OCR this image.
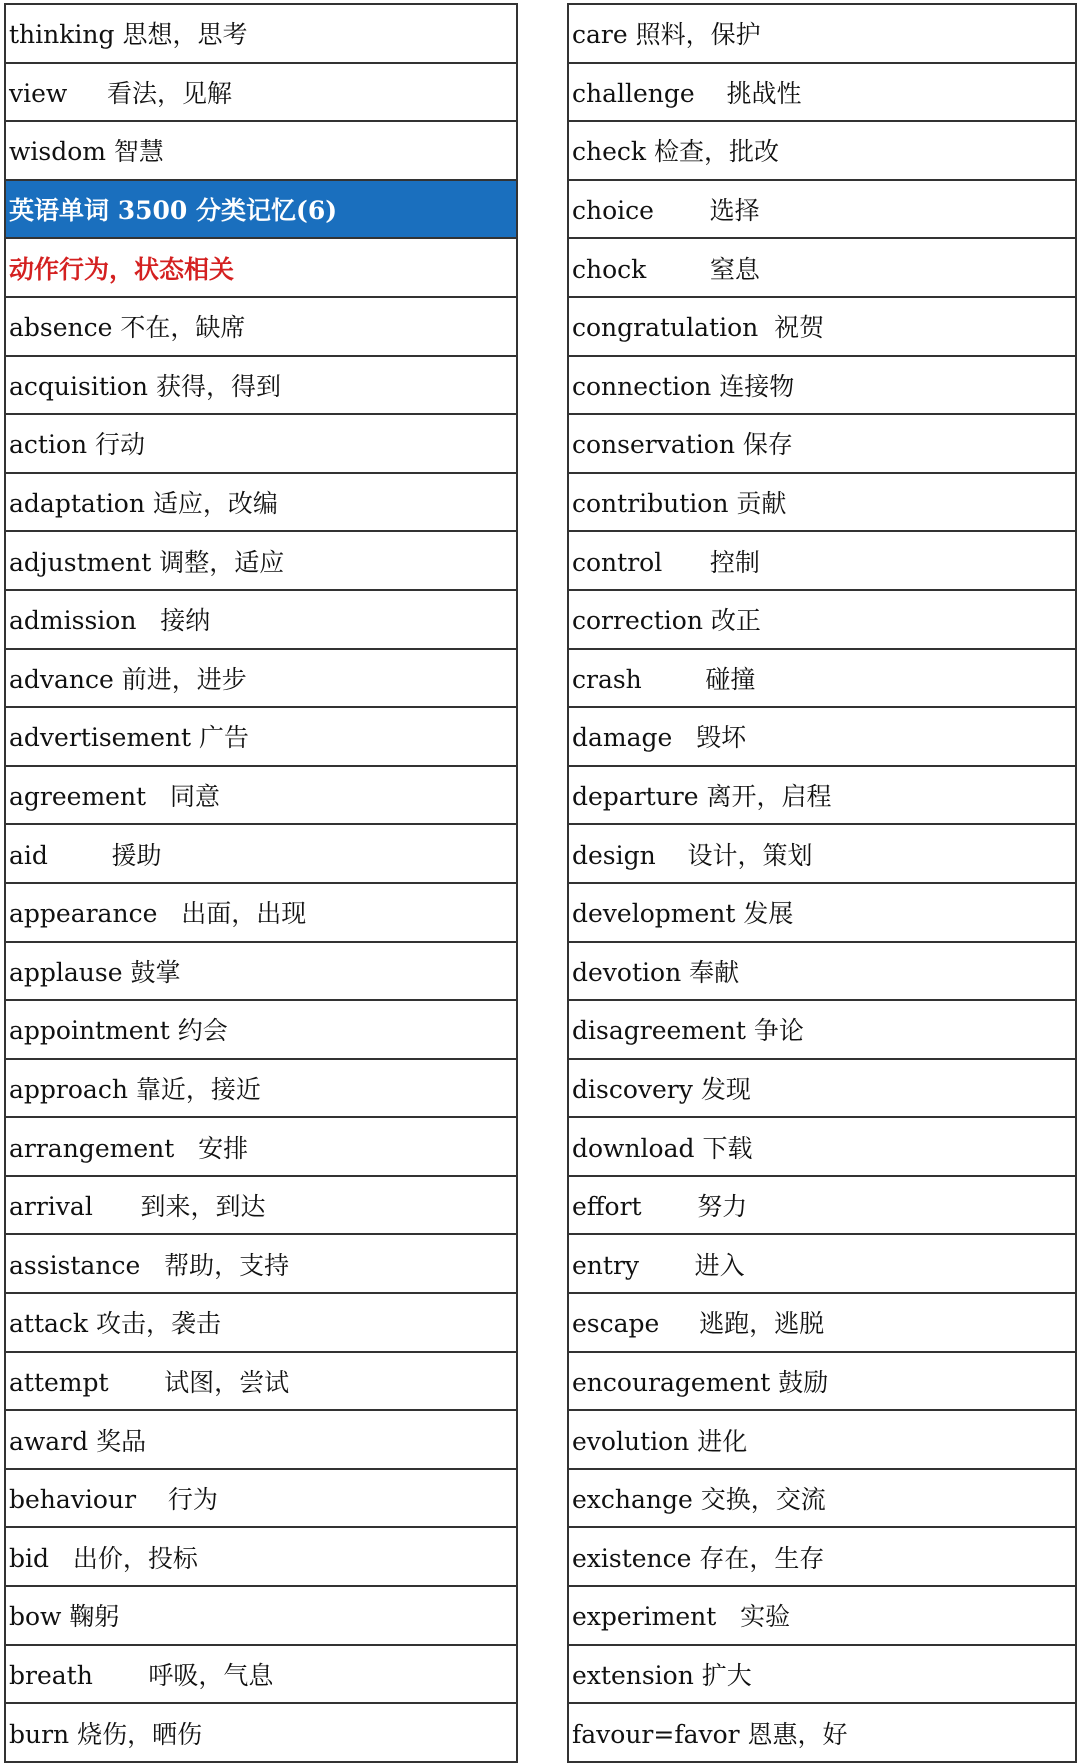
thinking 思想，思考
view     看法，见解
wisdom 智慧
英语单词 3500 分类记忆(6)
动作行为，状态相关
absence 不在，缺席
acquisition 获得，得到
action 行动
adaptation 适应，改编
adjustment 调整，适应
admission   接纳
advance 前进，进步
advertisement 广告
agreement   同意
aid        援助
appearance   出面，出现
applause 鼓掌
appointment 约会
approach 靠近，接近
arrangement   安排
arrival      到来，到达
assistance   帮助，支持
attack 攻击，袭击
attempt       试图，尝试
award 奖品
behaviour    行为
bid   出价，投标
bow 鞠躬
breath       呼吸，气息
burn 烧伤，晒伤
care 照料，保护
challenge    挑战性
check 检查，批改
choice       选择
chock        窒息
congratulation  祝贺
connection 连接物
conservation 保存
contribution 贡献
control      控制
correction 改正
crash        碰撞
damage   毁坏
departure 离开，启程
design    设计，策划
development 发展
devotion 奉献
disagreement 争论
discovery 发现
download 下载
effort       努力
entry       进入
escape     逃跑，逃脱
encouragement 鼓励
evolution 进化
exchange 交换，交流
existence 存在，生存
experiment   实验
extension 扩大
favour=favor 恩惠，好
